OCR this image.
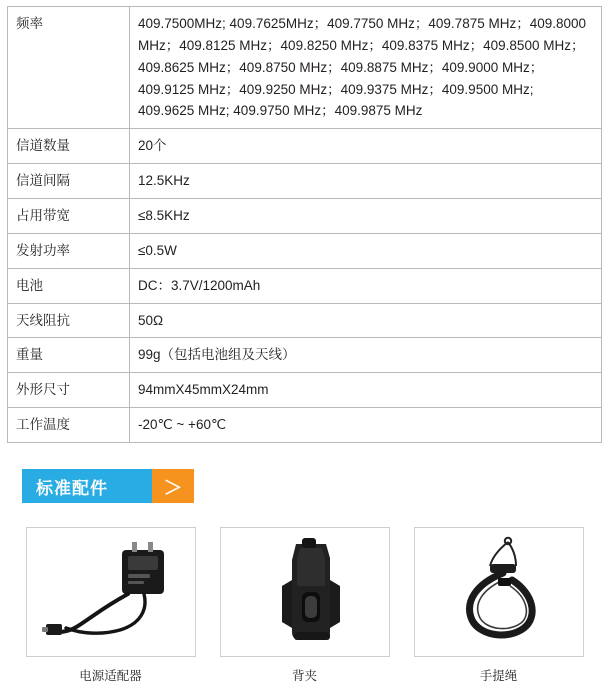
频率	409.7500MHz; 409.7625MHz；409.7750 MHz；409.7875 MHz；409.8000 MHz；409.8125 MHz；409.8250 MHz；409.8375 MHz；409.8500 MHz；409.8625 MHz；409.8750 MHz；409.8875 MHz；409.9000 MHz；409.9125 MHz；409.9250 MHz；409.9375 MHz；409.9500 MHz; 409.9625 MHz; 409.9750 MHz；409.9875 MHz
信道数量	20个
信道间隔	12.5KHz
占用带宽	≤8.5KHz
发射功率	≤0.5W
电池	DC：3.7V/1200mAh
天线阻抗	50Ω
重量	99g（包括电池组及天线）
外形尺寸	94mmX45mmX24mm
工作温度	-20℃ ~ +60℃
标准配件	＞
电源适配器	背夹	手提绳
